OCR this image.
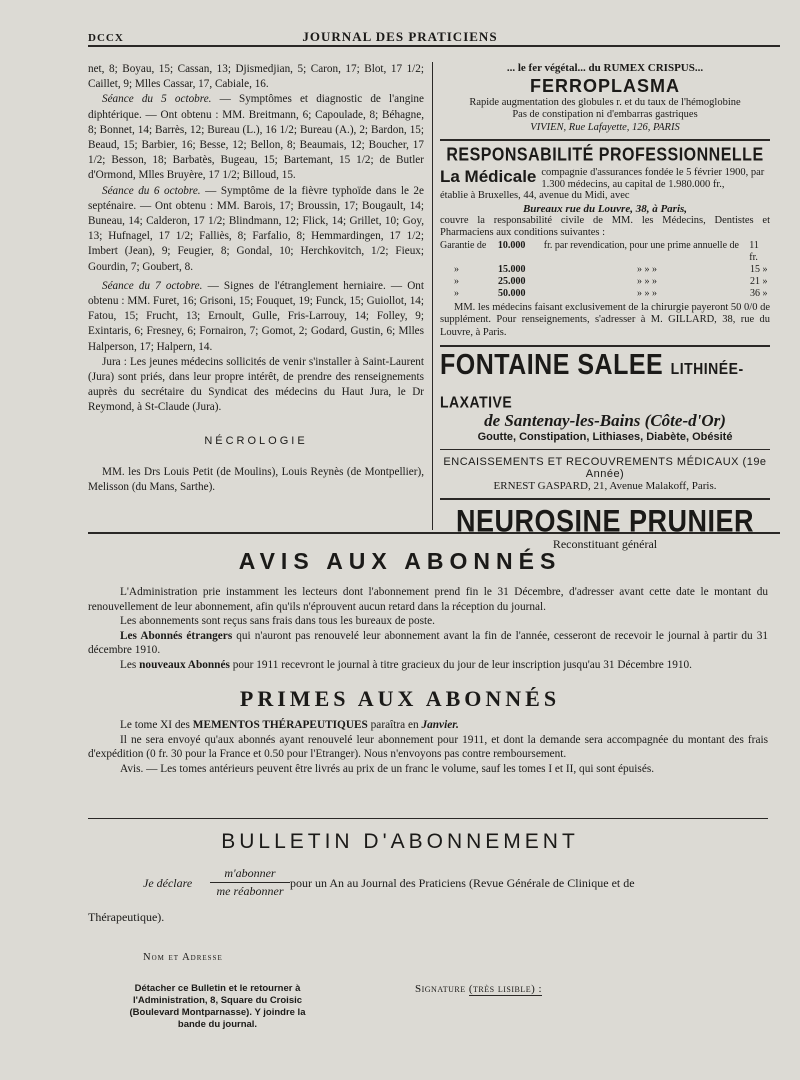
DCCX	JOURNAL DES PRATICIENS

net, 8; Boyau, 15; Cassan, 13; Djismedjian, 5; Caron, 17; Blot, 17 1/2; Caillet, 9; Mlles Cassar, 17, Cabiale, 16.

Séance du 5 octobre. — Symptômes et diagnostic de l'angine diphtérique. — Ont obtenu : MM. Breitmann, 6; Capoulade, 8; Béhagne, 8; Bonnet, 14; Barrès, 12; Bureau (L.), 16 1/2; Bureau (A.), 2; Bardon, 15; Beaud, 15; Barbier, 16; Besse, 12; Bellon, 8; Beaumais, 12; Boucher, 17 1/2; Besson, 18; Barbatès, Bugeau, 15; Bartemant, 15 1/2; de Butler d'Ormond, Mlles Bruyère, 17 1/2; Billoud, 15.

Séance du 6 octobre. — Symptôme de la fièvre typhoïde dans le 2e septénaire. — Ont obtenu : MM. Barois, 17; Broussin, 17; Bougault, 14; Buneau, 14; Calderon, 17 1/2; Blindmann, 12; Flick, 14; Grillet, 10; Goy, 13; Hufnagel, 17 1/2; Falliès, 8; Farfalio, 8; Hemmardingen, 17 1/2; Imbert (Jean), 9; Feugier, 8; Gondal, 10; Herchkovitch, 1/2; Fieux; Gourdin, 7; Goubert, 8.

Séance du 7 octobre. — Signes de l'étranglement herniaire. — Ont obtenu : MM. Furet, 16; Grisoni, 15; Fouquet, 19; Funck, 15; Guiollot, 14; Fatou, 15; Frucht, 13; Ernoult, Gulle, Fris-Larrouy, 14; Folley, 9; Exintaris, 6; Fresney, 6; Fornairon, 7; Gomot, 2; Godard, Gustin, 6; Mlles Halperson, 17; Halpern, 14.

Jura : Les jeunes médecins sollicités de venir s'installer à Saint-Laurent (Jura) sont priés, dans leur propre intérêt, de prendre des renseignements auprès du secrétaire du Syndicat des médecins du Haut Jura, le Dr Reymond, à St-Claude (Jura).

NÉCROLOGIE

MM. les Drs Louis Petit (de Moulins), Louis Reynès (de Montpellier), Melisson (du Mans, Sarthe).

... le fer végétal... du RUMEX CRISPUS...
FERROPLASMA
Rapide augmentation des globules r. et du taux de l'hémoglobine
Pas de constipation ni d'embarras gastriques
VIVIEN, Rue Lafayette, 126, PARIS
RESPONSABILITÉ PROFESSIONNELLE
La Médicale compagnie d'assurances fondée le 5 février 1900, par 1.300 médecins, au capital de 1.980.000 fr.,
établie à Bruxelles, 44, avenue du Midi, avec
Bureaux rue du Louvre, 38, à Paris,
couvre la responsabilité civile de MM. les Médecins, Dentistes et Pharmaciens aux conditions suivantes :
Garantie de	10.000	fr. par revendication, pour une prime annuelle de	11 fr.
»	15.000	» » »	15 »
»	25.000	» » »	21 »
»	50.000	» » »	36 »
MM. les médecins faisant exclusivement de la chirurgie payeront 50 0/0 de supplément. Pour renseignements, s'adresser à M. GILLARD, 38, rue du Louvre, à Paris.
FONTAINE SALEE LITHINÉE-LAXATIVE
de Santenay-les-Bains (Côte-d'Or)
Goutte, Constipation, Lithiases, Diabète, Obésité
ENCAISSEMENTS ET RECOUVREMENTS MÉDICAUX (19e Année)
ERNEST GASPARD, 21, Avenue Malakoff, Paris.
NEUROSINE PRUNIER
Reconstituant général
AVIS AUX ABONNÉS

L'Administration prie instamment les lecteurs dont l'abonnement prend fin le 31 Décembre, d'adresser avant cette date le montant du renouvellement de leur abonnement, afin qu'ils n'éprouvent aucun retard dans la réception du journal.

Les abonnements sont reçus sans frais dans tous les bureaux de poste.

Les Abonnés étrangers qui n'auront pas renouvelé leur abonnement avant la fin de l'année, cesseront de recevoir le journal à partir du 31 décembre 1910.

Les nouveaux Abonnés pour 1911 recevront le journal à titre gracieux du jour de leur inscription jusqu'au 31 Décembre 1910.

PRIMES AUX ABONNÉS

Le tome XI des MEMENTOS THÉRAPEUTIQUES paraîtra en Janvier.

Il ne sera envoyé qu'aux abonnés ayant renouvelé leur abonnement pour 1911, et dont la demande sera accompagnée du montant des frais d'expédition (0 fr. 30 pour la France et 0.50 pour l'Etranger). Nous n'envoyons pas contre remboursement.

Avis. — Les tomes antérieurs peuvent être livrés au prix de un franc le volume, sauf les tomes I et II, qui sont épuisés.

BULLETIN D'ABONNEMENT
Je déclare
m'abonner
me réabonner
pour un An au Journal des Praticiens (Revue Générale de Clinique et de
Thérapeutique).
Nom et Adresse
Détacher ce Bulletin et le retourner à l'Administration, 8, Square du Croisic (Boulevard Montparnasse). Y joindre la bande du journal.
Signature (très lisible) :
